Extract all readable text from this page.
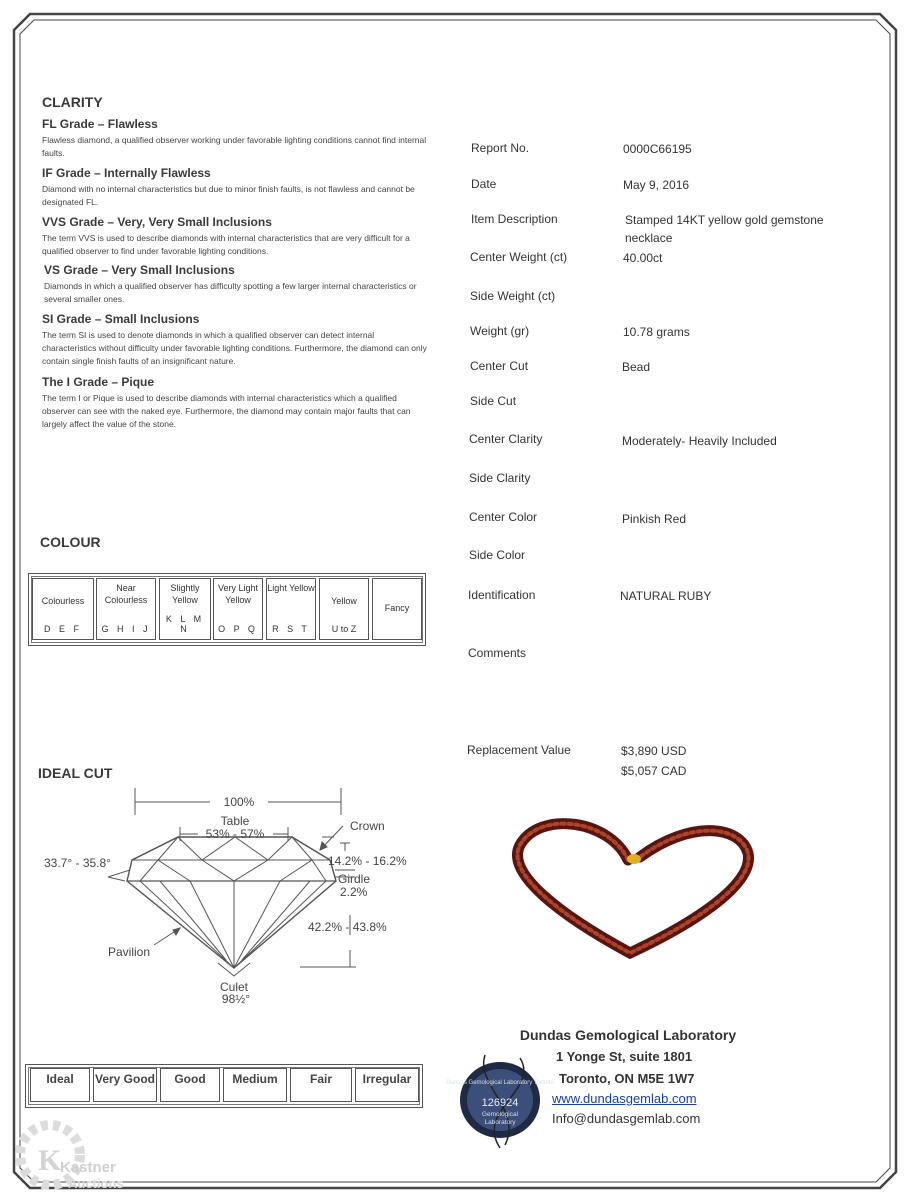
CLARITY
FL Grade – Flawless
Flawless diamond, a qualified observer working under favorable lighting conditions cannot find internal faults.
IF Grade – Internally Flawless
Diamond with no internal characteristics but due to minor finish faults, is not flawless and cannot be designated FL.
VVS Grade – Very, Very Small Inclusions
The term VVS is used to describe diamonds with internal characteristics that are very difficult for a qualified observer to find under favorable lighting conditions.
VS Grade – Very Small Inclusions
Diamonds in which a qualified observer has difficulty spotting a few larger internal characteristics or several smaller ones.
SI Grade – Small Inclusions
The term SI is used to denote diamonds in which a qualified observer can detect internal characteristics without difficulty under favorable lighting conditions. Furthermore, the diamond can only contain single finish faults of an insignificant nature.
The I Grade – Pique
The term I or Pique is used to describe diamonds with internal characteristics which a qualified observer can see with the naked eye. Furthermore, the diamond may contain major faults that can largely affect the value of the stone.
COLOUR
Colourless
D E F
Near Colourless
G H I J
Slightly Yellow
K L M N
Very Light Yellow
O P Q
Light Yellow
R S T
Yellow
U to Z
Fancy
IDEAL CUT
100%
Table
53% - 57%
Crown
33.7° - 35.8°	14.2% - 16.2%
Girdle
2.2%
42.2% - 43.8%
Pavilion
Culet
98½°
Ideal	Very Good	Good	Medium	Fair	Irregular
Report No.	0000C66195
Date	May 9, 2016
Item Description	Stamped 14KT yellow gold gemstone necklace
Center Weight (ct)	40.00ct
Side Weight (ct)
Weight (gr)	10.78 grams
Center Cut	Bead
Side Cut
Center Clarity	Moderately- Heavily Included
Side Clarity
Center Color	Pinkish Red
Side Color
Identification	NATURAL RUBY
Comments
Replacement Value	$3,890 USD
$5,057 CAD
Dundas Gemological Laboratory
1 Yonge St, suite 1801
Toronto, ON M5E 1W7
www.dundasgemlab.com
Info@dundasgemlab.com
Dundas Gemological Laboratory Toronto
126924
Gemological
Laboratory
K
Kastner
Auctions
